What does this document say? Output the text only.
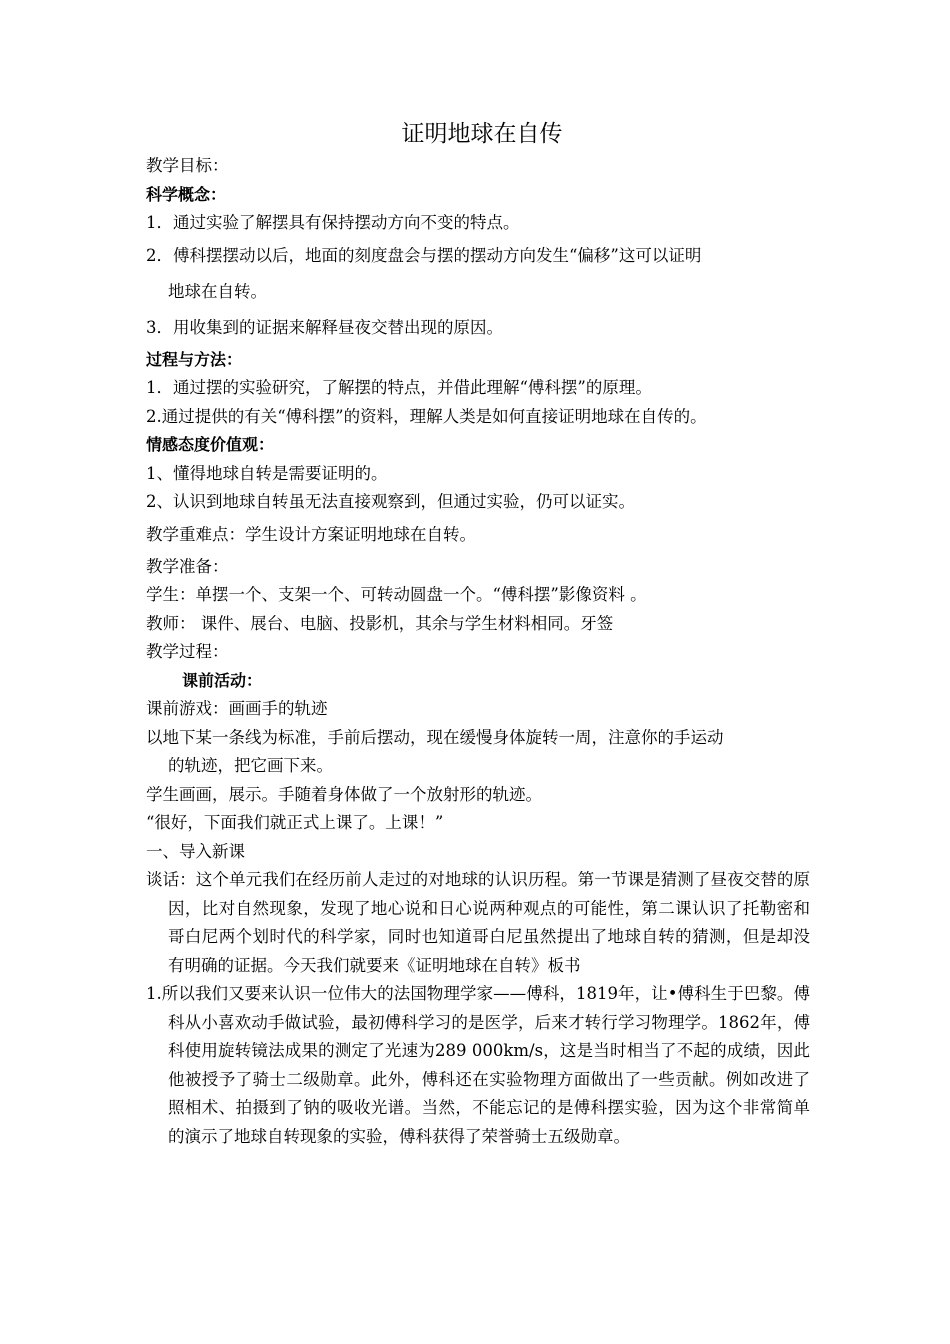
证明地球在自传

教学目标：

科学概念：

1．通过实验了解摆具有保持摆动方向不变的特点。

2．傅科摆摆动以后，地面的刻度盘会与摆的摆动方向发生“偏移”这可以证明

地球在自转。

3．用收集到的证据来解释昼夜交替出现的原因。

过程与方法：

1．通过摆的实验研究，了解摆的特点，并借此理解“傅科摆”的原理。

2.通过提供的有关“傅科摆”的资料，理解人类是如何直接证明地球在自传的。

情感态度价值观：

1、懂得地球自转是需要证明的。

2、认识到地球自转虽无法直接观察到，但通过实验，仍可以证实。

教学重难点：学生设计方案证明地球在自转。

教学准备：

学生：单摆一个、支架一个、可转动圆盘一个。“傅科摆”影像资料 。

教师： 课件、展台、电脑、投影机，其余与学生材料相同。牙签

教学过程：

课前活动：

课前游戏：画画手的轨迹

以地下某一条线为标准，手前后摆动，现在缓慢身体旋转一周，注意你的手运动

的轨迹，把它画下来。

学生画画，展示。手随着身体做了一个放射形的轨迹。

“很好，下面我们就正式上课了。上课！”

一、导入新课

谈话：这个单元我们在经历前人走过的对地球的认识历程。第一节课是猜测了昼夜交替的原因，比对自然现象，发现了地心说和日心说两种观点的可能性，第二课认识了托勒密和哥白尼两个划时代的科学家，同时也知道哥白尼虽然提出了地球自转的猜测，但是却没有明确的证据。今天我们就要来《证明地球在自转》板书

1.所以我们又要来认识一位伟大的法国物理学家——傅科，1819年，让•傅科生于巴黎。傅科从小喜欢动手做试验，最初傅科学习的是医学，后来才转行学习物理学。1862年，傅科使用旋转镜法成果的测定了光速为289 000km/s，这是当时相当了不起的成绩，因此他被授予了骑士二级勋章。此外，傅科还在实验物理方面做出了一些贡献。例如改进了照相术、拍摄到了钠的吸收光谱。当然，不能忘记的是傅科摆实验，因为这个非常简单的演示了地球自转现象的实验，傅科获得了荣誉骑士五级勋章。
